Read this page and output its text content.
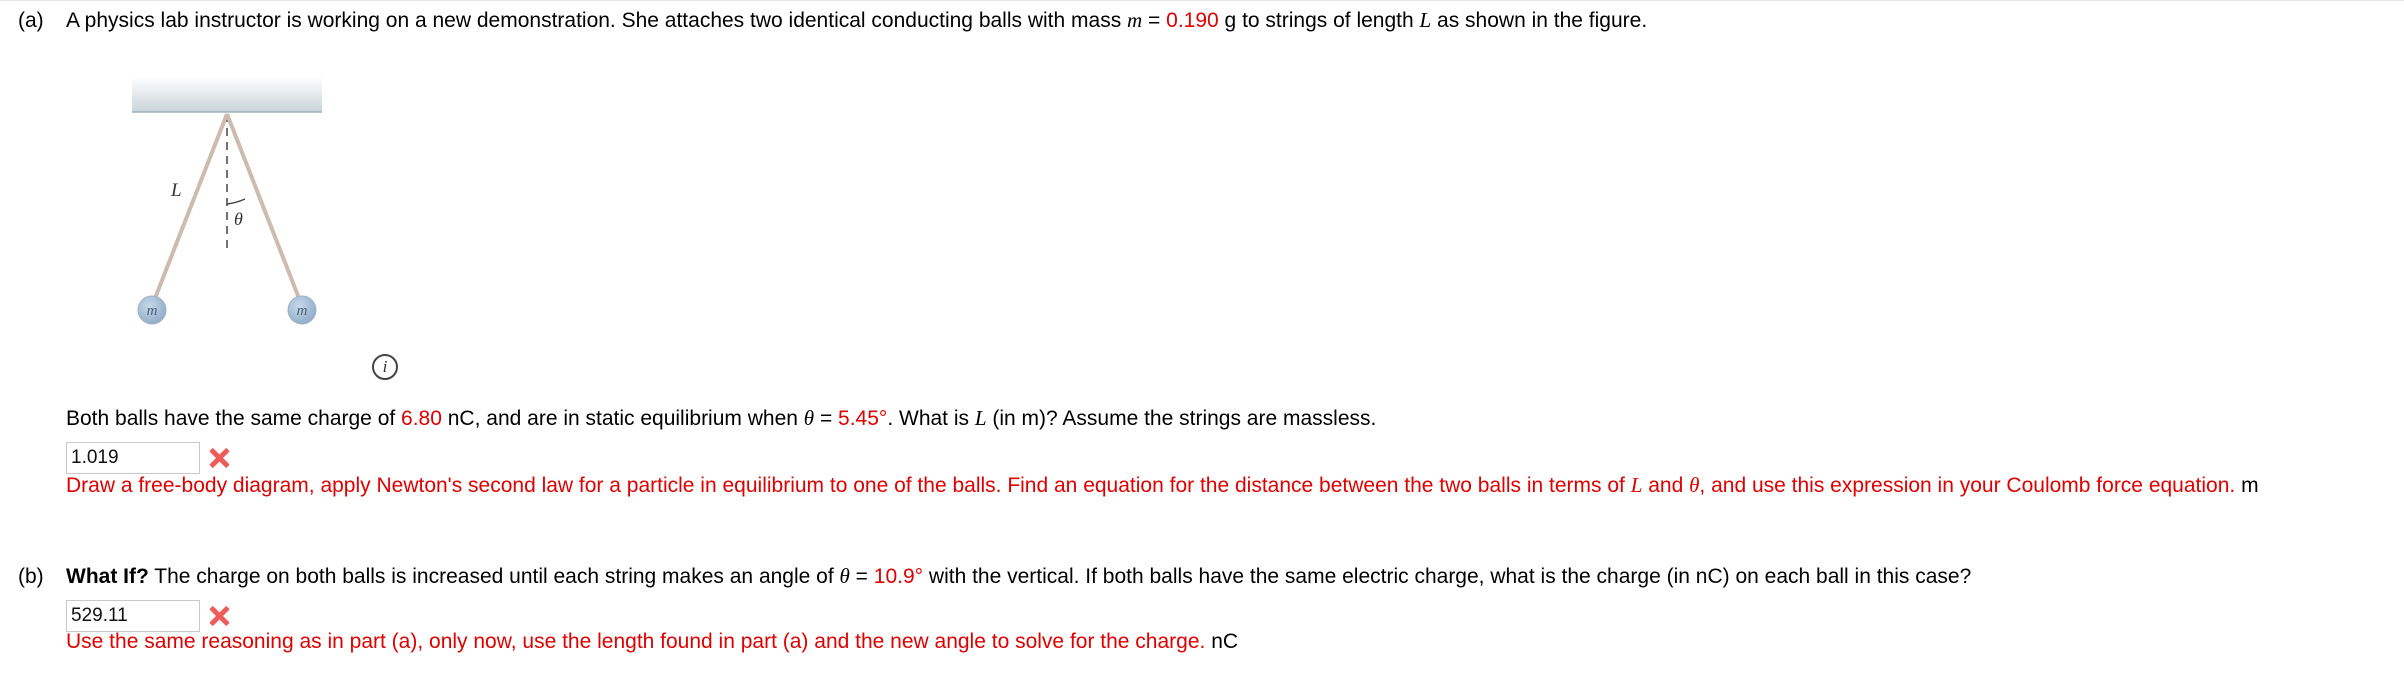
(a) A physics lab instructor is working on a new demonstration. She attaches two identical conducting balls with mass m = 0.190 g to strings of length L as shown in the figure.
L
θ
m	m
i
Both balls have the same charge of 6.80 nC, and are in static equilibrium when θ = 5.45°. What is L (in m)? Assume the strings are massless.
1.019
Draw a free-body diagram, apply Newton's second law for a particle in equilibrium to one of the balls. Find an equation for the distance between the two balls in terms of L and θ, and use this expression in your Coulomb force equation. m
(b) What If? The charge on both balls is increased until each string makes an angle of θ = 10.9° with the vertical. If both balls have the same electric charge, what is the charge (in nC) on each ball in this case?
529.11
Use the same reasoning as in part (a), only now, use the length found in part (a) and the new angle to solve for the charge. nC
